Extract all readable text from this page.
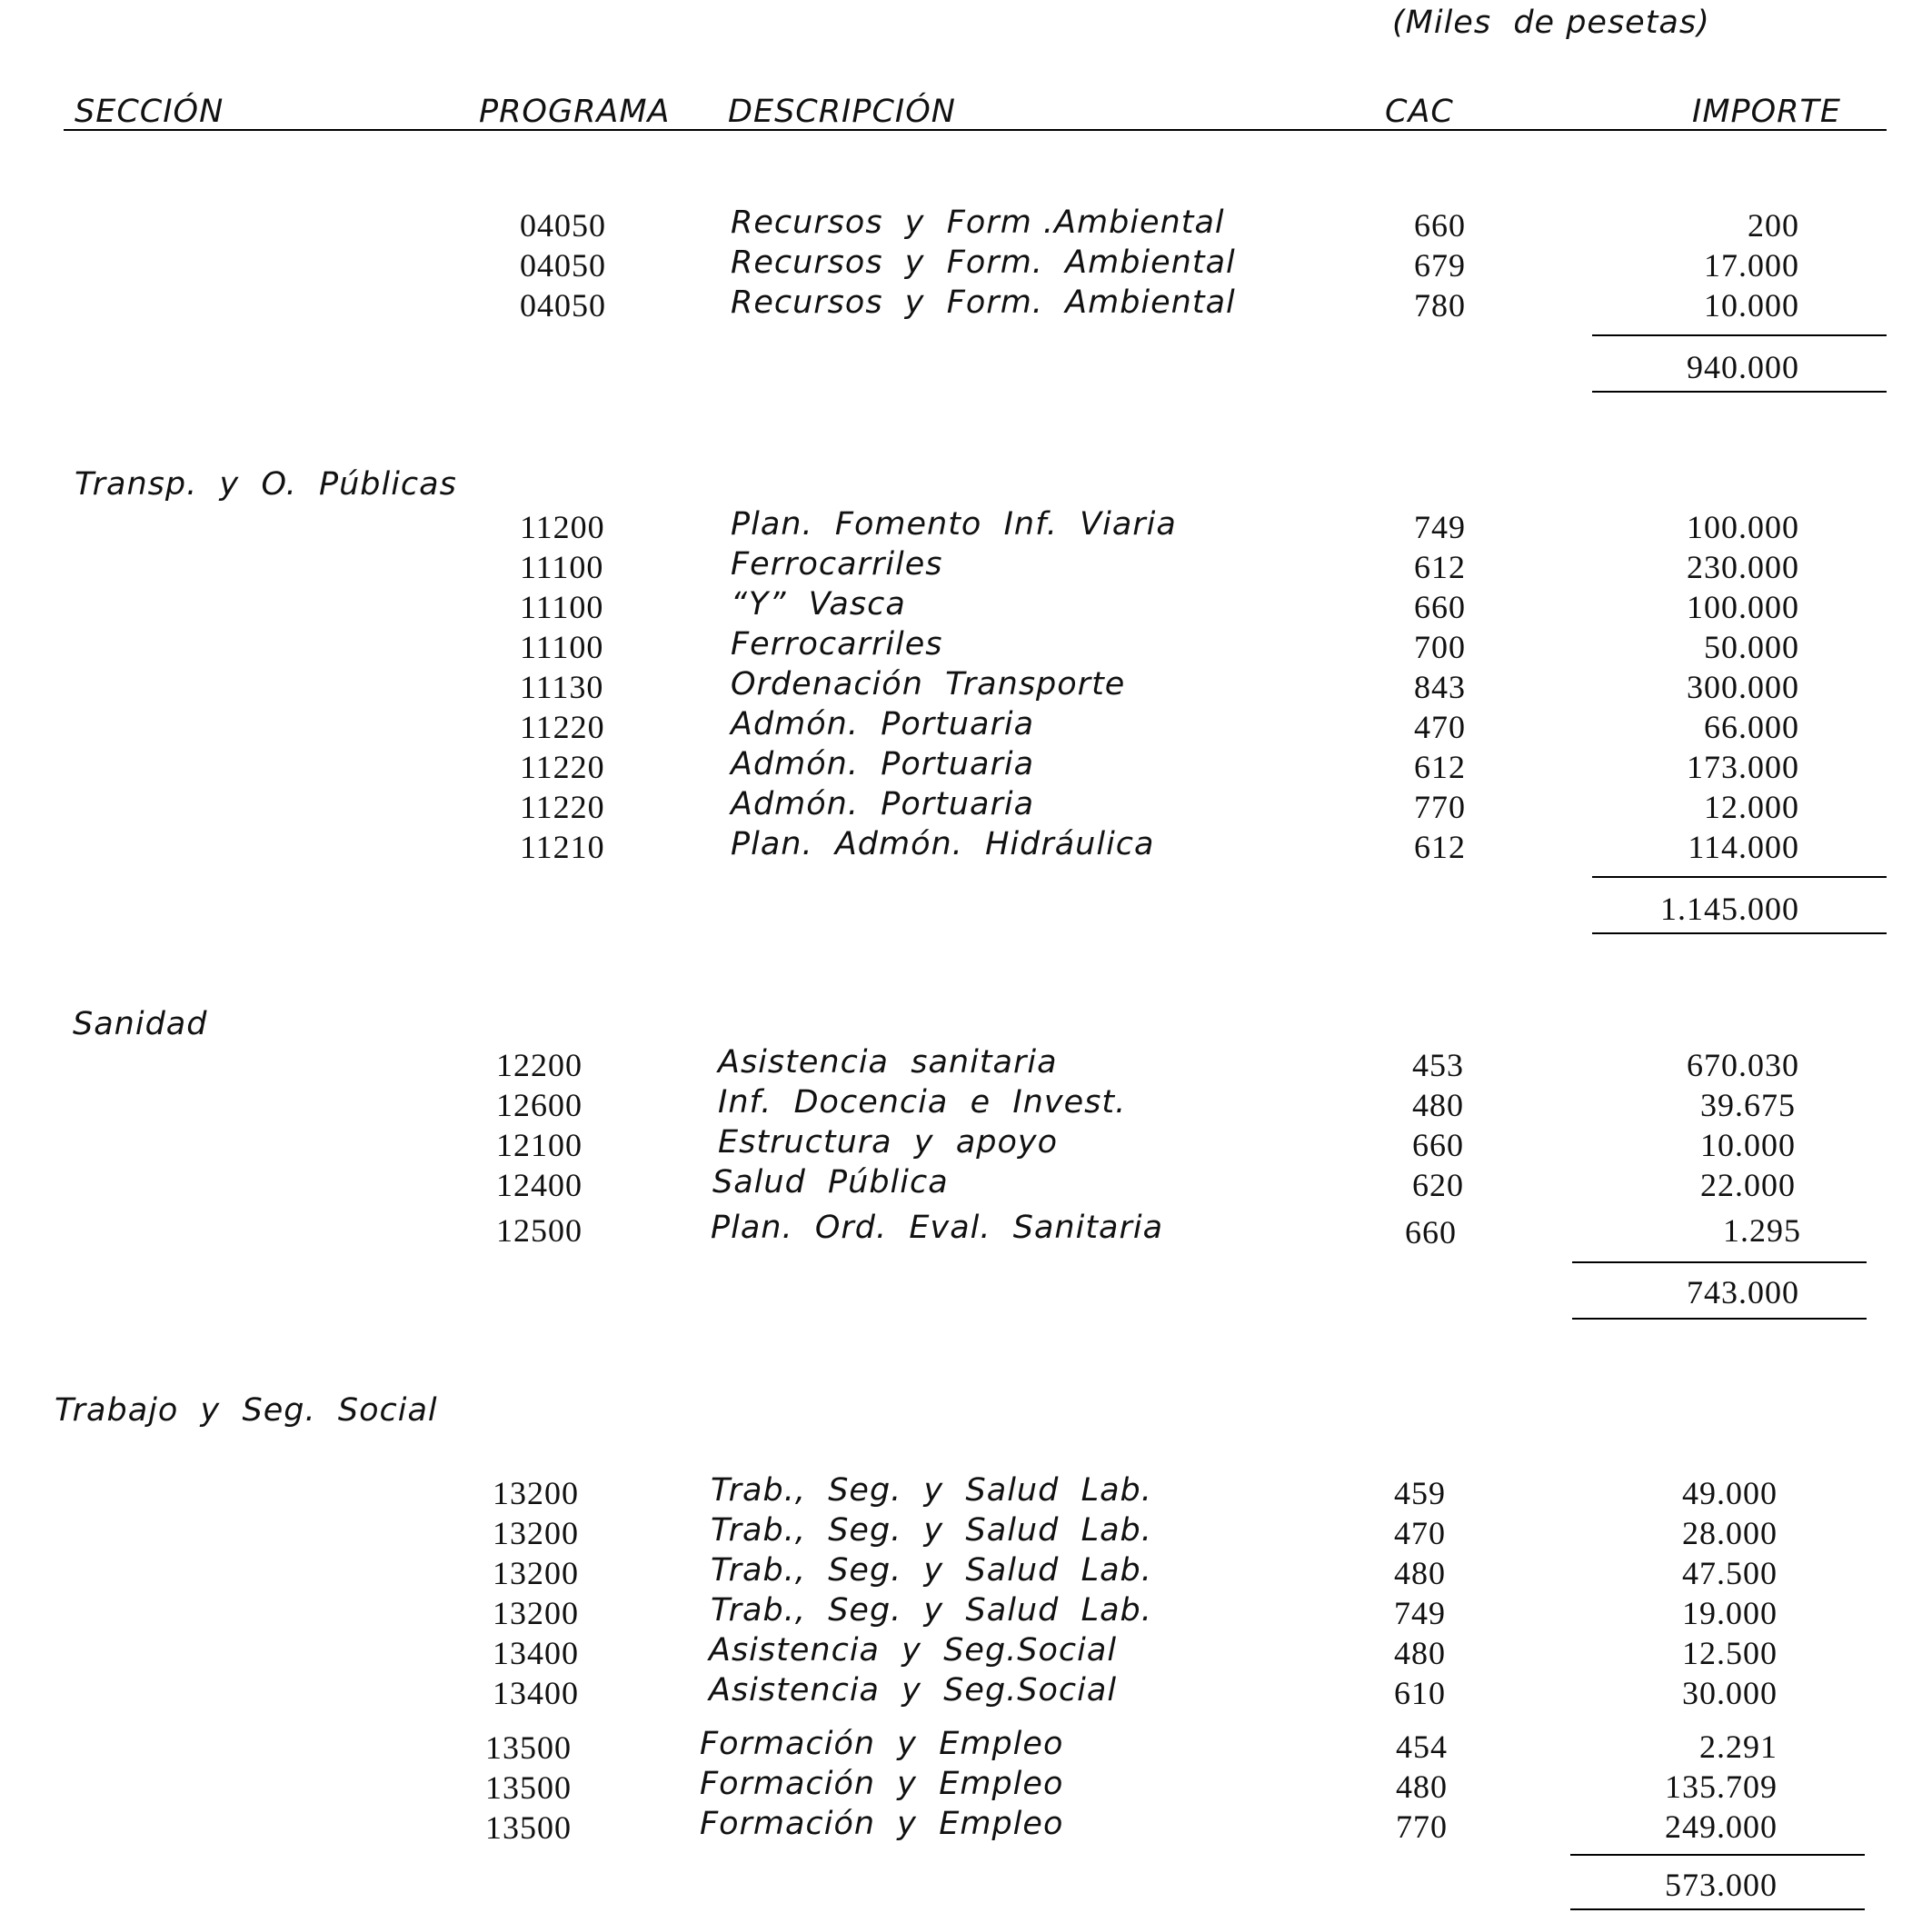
(Miles  de pesetas)
SECCIÓN	PROGRAMA DESCRIPCIÓN	CAC	IMPORTE
04050	Recursos  y  Form .Ambiental	660	200
04050	Recursos  y  Form.  Ambiental	679	17.000
04050	Recursos  y  Form.  Ambiental	780	10.000
940.000
Transp.  y  O.  Públicas
11200	Plan.  Fomento  Inf.  Viaria	749	100.000
11100	Ferrocarriles	612	230.000
11100	“Y”  Vasca	660	100.000
11100	Ferrocarriles	700	50.000
11130	Ordenación  Transporte	843	300.000
11220	Admón.  Portuaria	470	66.000
11220	Admón.  Portuaria	612	173.000
11220	Admón.  Portuaria	770	12.000
11210	Plan.  Admón.  Hidráulica	612	114.000
1.145.000
Sanidad
12200	Asistencia  sanitaria	453	670.030
12600	Inf.  Docencia  e  Invest.	480	39.675
12100	Estructura  y  apoyo	660	10.000
12400	Salud  Pública	620	22.000
12500	Plan.  Ord.  Eval.  Sanitaria	660	1.295
743.000
Trabajo  y  Seg.  Social
13200	Trab.,  Seg.  y  Salud  Lab.	459	49.000
13200	Trab.,  Seg.  y  Salud  Lab.	470	28.000
13200	Trab.,  Seg.  y  Salud  Lab.	480	47.500
13200	Trab.,  Seg.  y  Salud  Lab.	749	19.000
13400	Asistencia  y  Seg.Social	480	12.500
13400	Asistencia  y  Seg.Social	610	30.000
13500	Formación  y  Empleo	454	2.291
13500	Formación  y  Empleo	480	135.709
13500	Formación  y  Empleo	770	249.000
573.000
